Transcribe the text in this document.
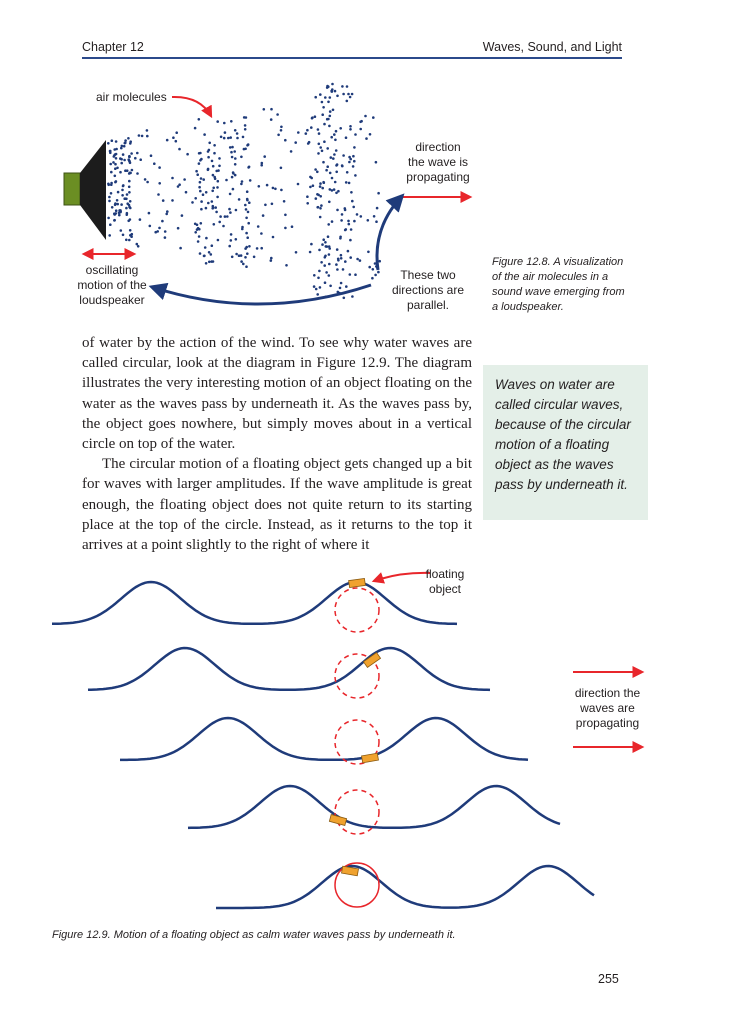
Chapter 12	Waves, Sound, and Light
air molecules
direction
the wave is
propagating
oscillating
motion of the
loudspeaker
These two
directions are
parallel.
Figure 12.8. A visualization
of the air molecules in a
sound wave emerging from
a loudspeaker.

of water by the action of the wind. To see why water waves are called circular, look at the diagram in Figure 12.9. The diagram illustrates the very interesting motion of an object floating on the water as the waves pass by underneath it. As the waves pass by, the object goes nowhere, but simply moves about in a vertical circle on top of the water.

The circular motion of a floating object gets changed up a bit for waves with larger amplitudes. If the wave amplitude is great enough, the floating object does not quite return to its starting place at the top of the circle. Instead, as it returns to the top it arrives at a point slightly to the right of where it

Waves on water are called circular waves, because of the circular motion of a floating object as the waves pass by underneath it.
floating
object
direction the
waves are
propagating
Figure 12.9. Motion of a floating object as calm water waves pass by underneath it.
255
